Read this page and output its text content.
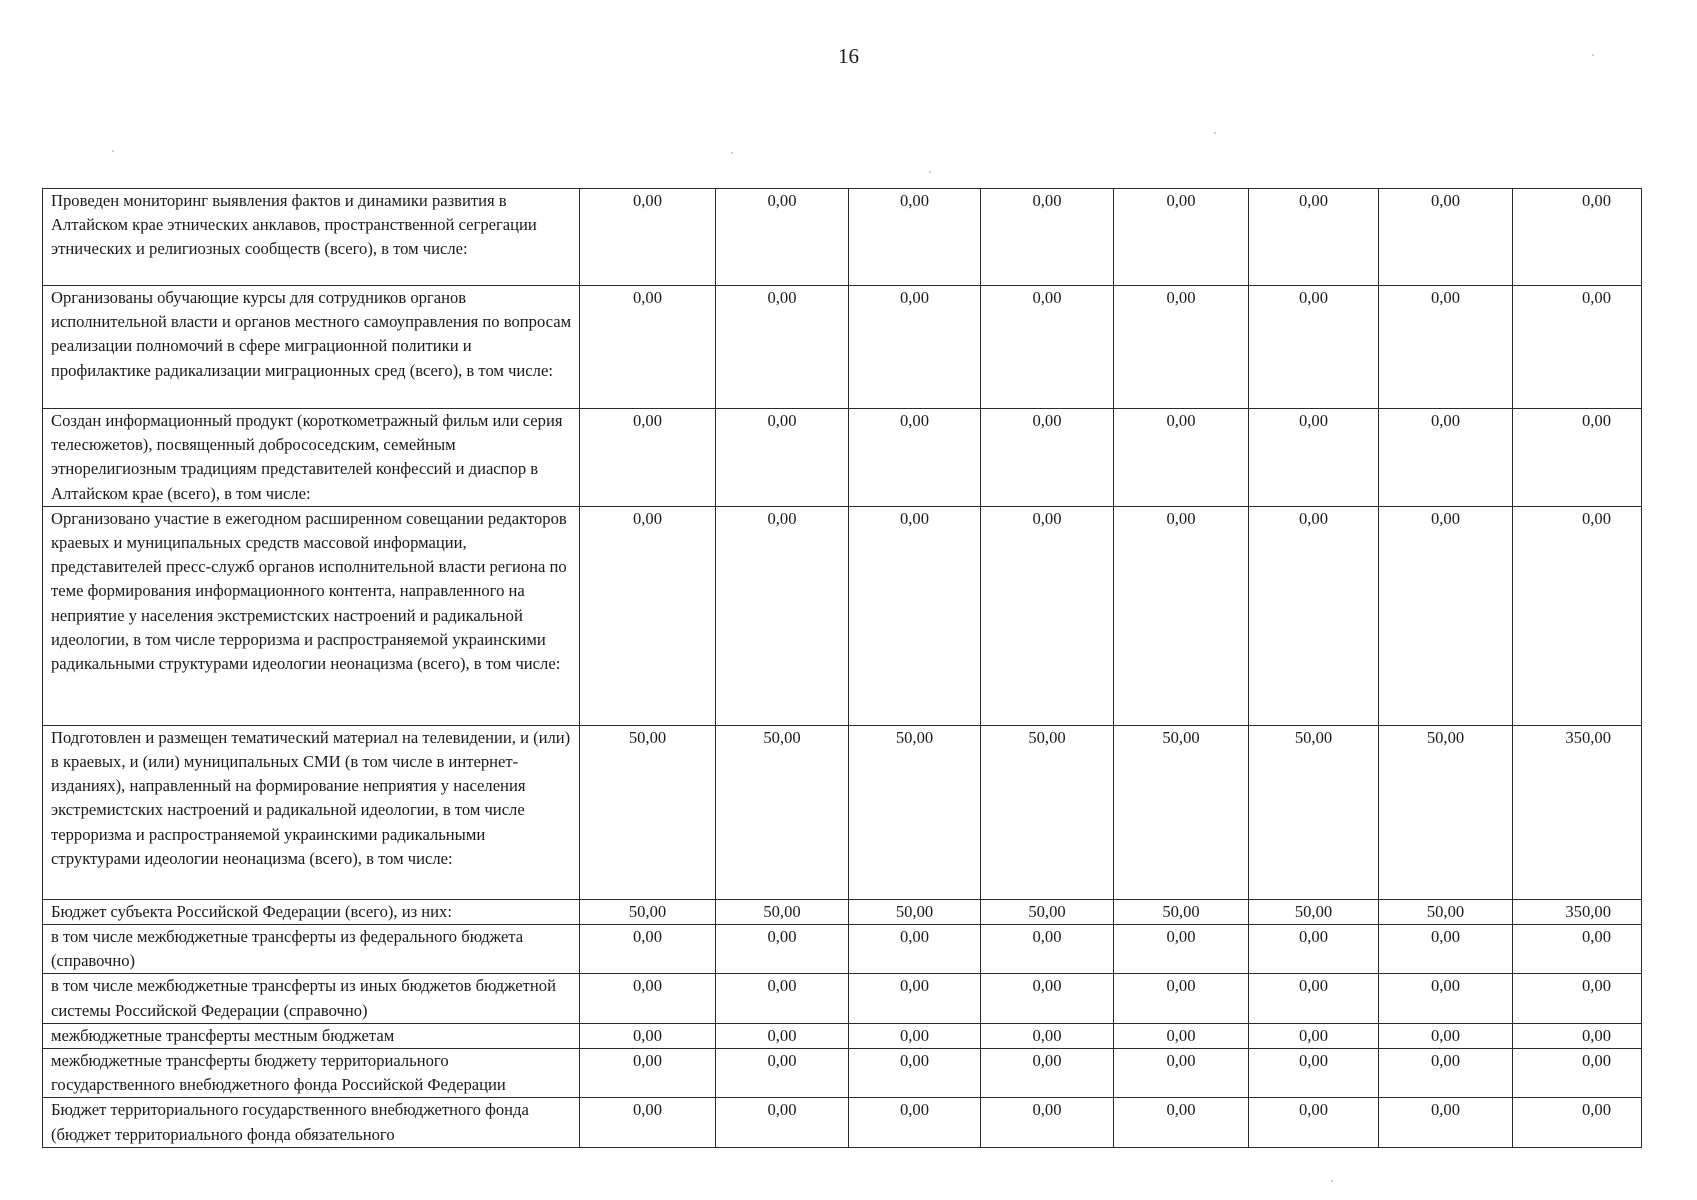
16
Проведен мониторинг выявления фактов и динамики развития в Алтайском крае этнических анклавов, пространственной сегрегации этнических и религиозных сообществ (всего), в том числе:	0,00	0,00	0,00	0,00	0,00	0,00	0,00	0,00
Организованы обучающие курсы для сотрудников органов исполнительной власти и органов местного самоуправления по вопросам реализации полномочий в сфере миграционной политики и профилактике радикализации миграционных сред (всего), в том числе:	0,00	0,00	0,00	0,00	0,00	0,00	0,00	0,00
Создан информационный продукт (короткометражный фильм или серия телесюжетов), посвященный добрососедским, семейным этнорелигиозным традициям представителей конфессий и диаспор в Алтайском крае (всего), в том числе:	0,00	0,00	0,00	0,00	0,00	0,00	0,00	0,00
Организовано участие в ежегодном расширенном совещании редакторов краевых и муниципальных средств массовой информации, представителей пресс-служб органов исполнительной власти региона по теме формирования информационного контента, направленного на неприятие у населения экстремистских настроений и радикальной идеологии, в том числе терроризма и распространяемой украинскими радикальными структурами идеологии неонацизма (всего), в том числе:	0,00	0,00	0,00	0,00	0,00	0,00	0,00	0,00
Подготовлен и размещен тематический материал на телевидении, и (или) в краевых, и (или) муниципальных СМИ (в том числе в интернет-изданиях), направленный на формирование неприятия у населения экстремистских настроений и радикальной идеологии, в том числе терроризма и распространяемой украинскими радикальными структурами идеологии неонацизма (всего), в том числе:	50,00	50,00	50,00	50,00	50,00	50,00	50,00	350,00
Бюджет субъекта Российской Федерации (всего), из них:	50,00	50,00	50,00	50,00	50,00	50,00	50,00	350,00
в том числе межбюджетные трансферты из федерального бюджета (справочно)	0,00	0,00	0,00	0,00	0,00	0,00	0,00	0,00
в том числе межбюджетные трансферты из иных бюджетов бюджетной системы Российской Федерации (справочно)	0,00	0,00	0,00	0,00	0,00	0,00	0,00	0,00
межбюджетные трансферты местным бюджетам	0,00	0,00	0,00	0,00	0,00	0,00	0,00	0,00
межбюджетные трансферты бюджету территориального государственного внебюджетного фонда Российской Федерации	0,00	0,00	0,00	0,00	0,00	0,00	0,00	0,00
Бюджет территориального государственного внебюджетного фонда (бюджет территориального фонда обязательного	0,00	0,00	0,00	0,00	0,00	0,00	0,00	0,00
